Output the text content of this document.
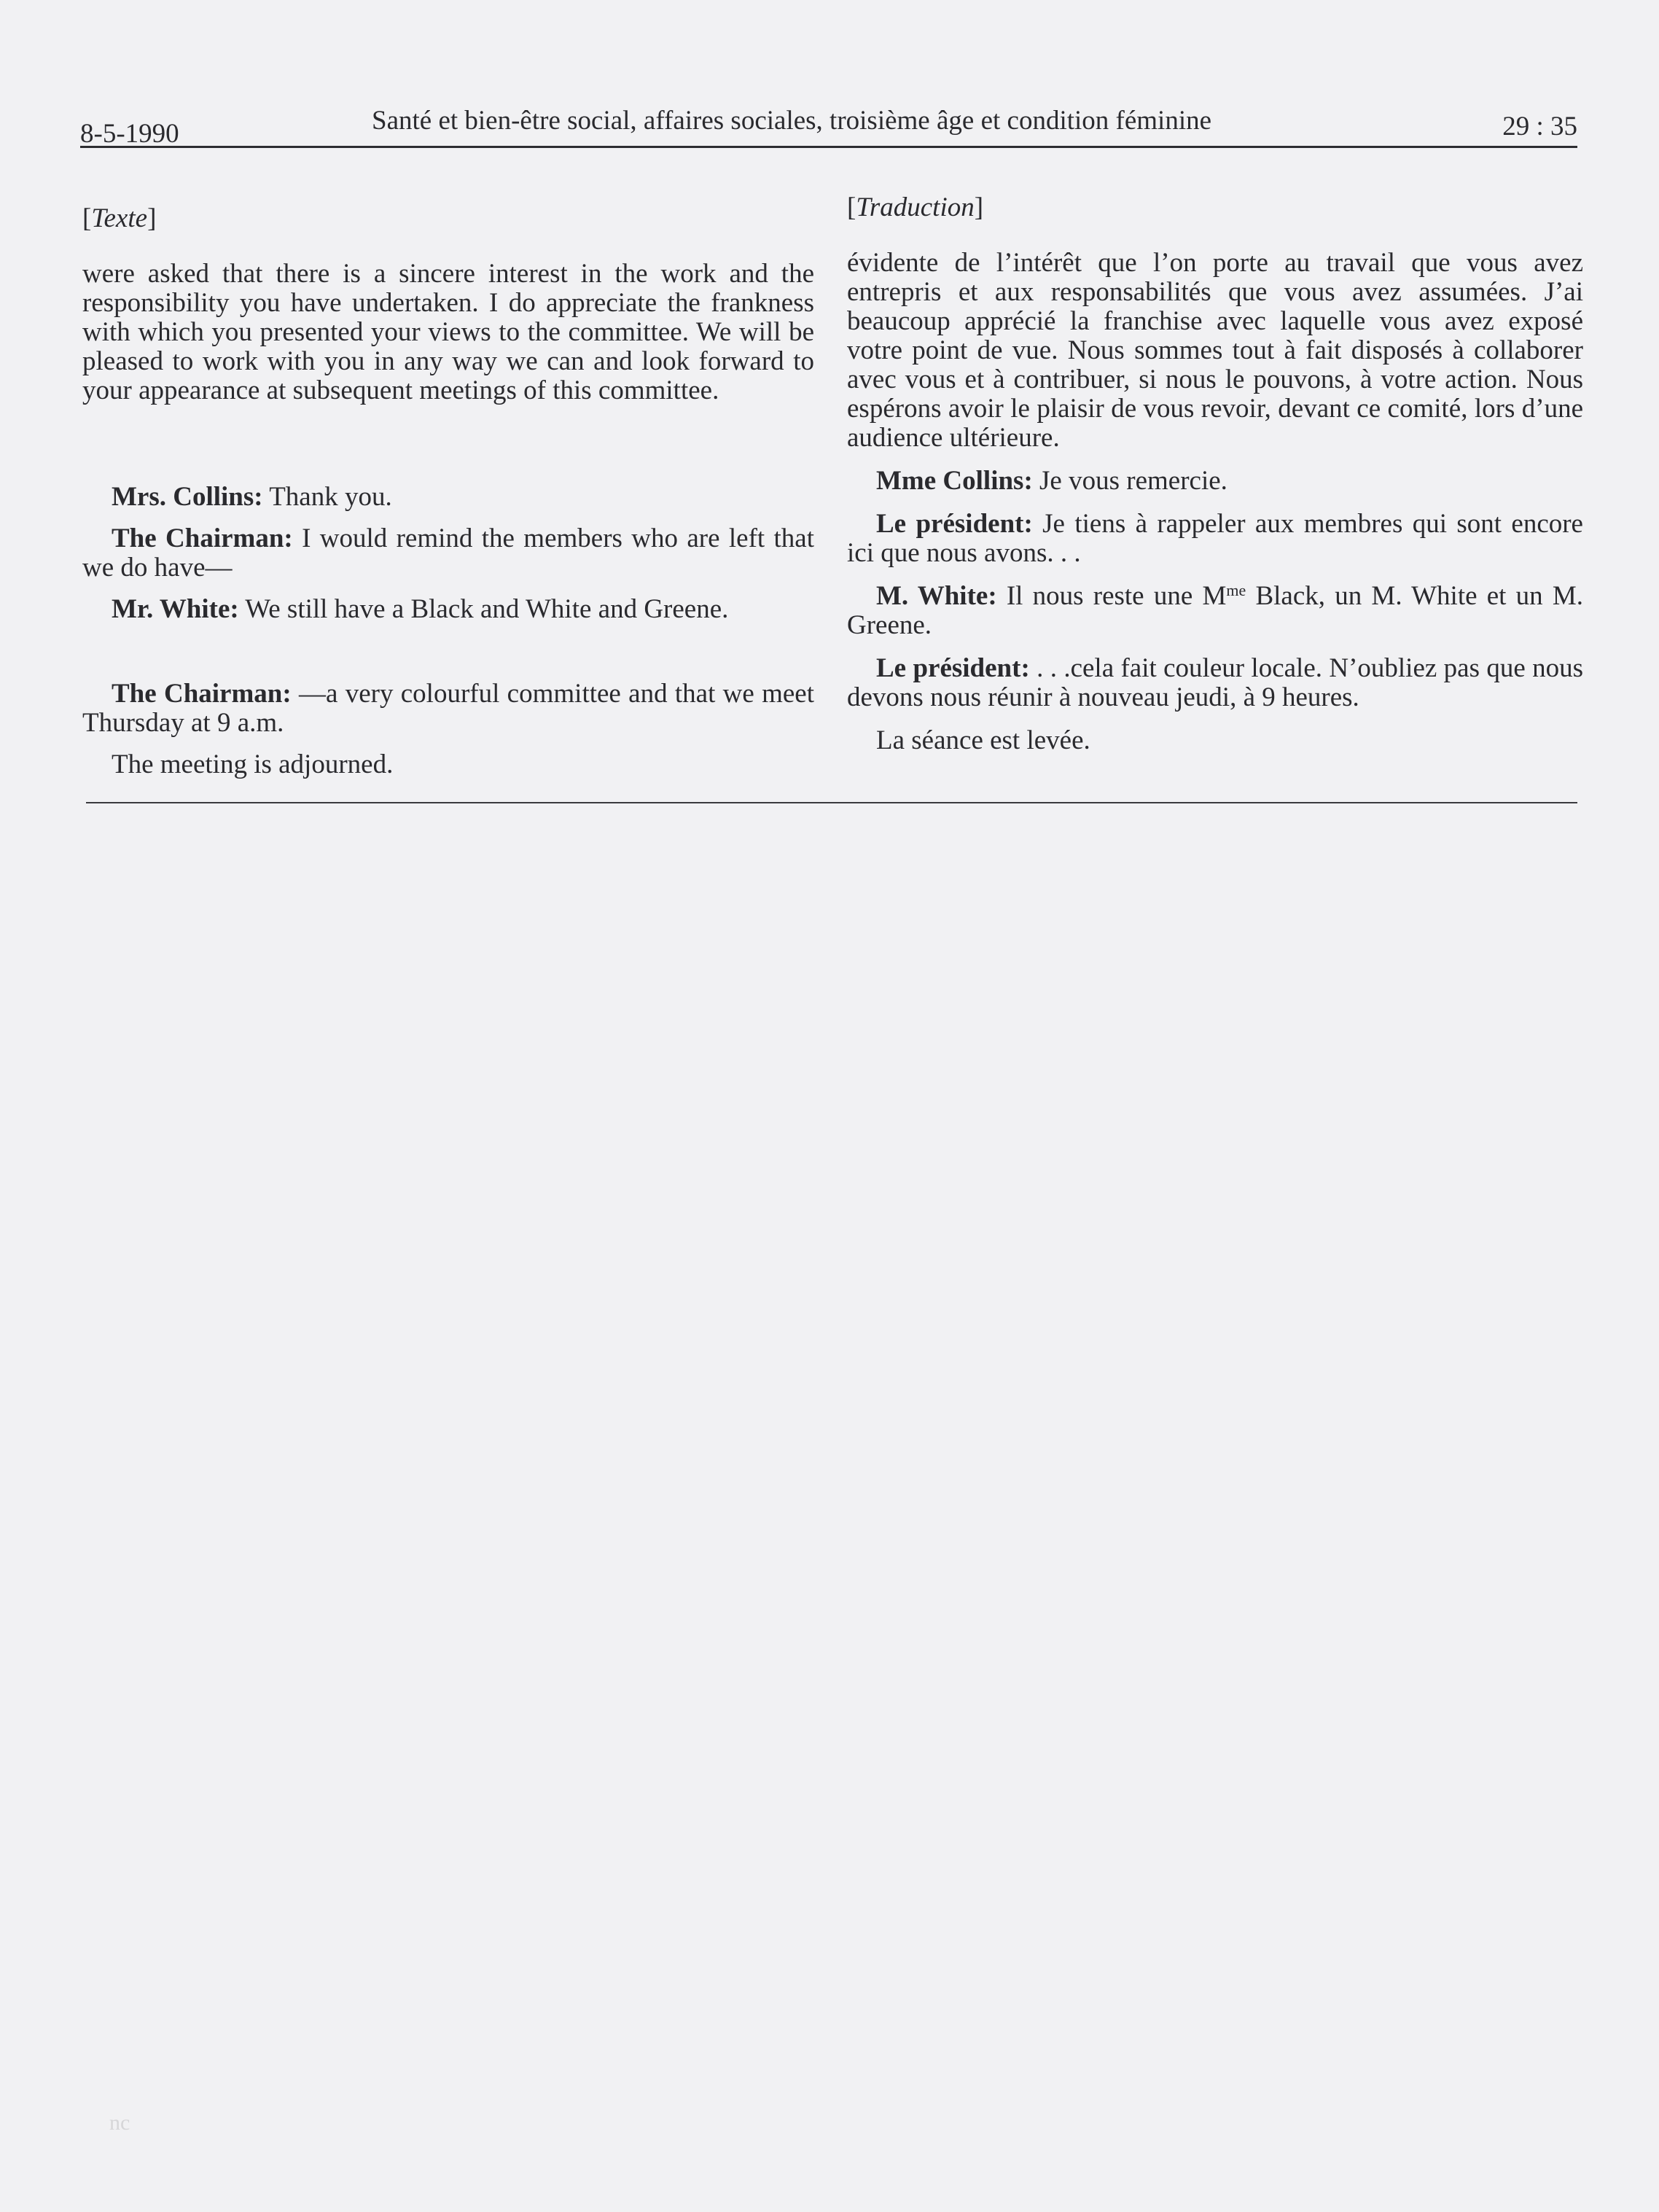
8-5-1990	Santé et bien-être social, affaires sociales, troisième âge et condition féminine	29 : 35
[Texte]

were asked that there is a sincere interest in the work and the responsibility you have undertaken. I do appreciate the frankness with which you presented your views to the committee. We will be pleased to work with you in any way we can and look forward to your appearance at subsequent meetings of this committee.

Mrs. Collins: Thank you.

The Chairman: I would remind the members who are left that we do have—

Mr. White: We still have a Black and White and Greene.

The Chairman: —a very colourful committee and that we meet Thursday at 9 a.m.

The meeting is adjourned.

[Traduction]

évidente de l’intérêt que l’on porte au travail que vous avez entrepris et aux responsabilités que vous avez assumées. J’ai beaucoup apprécié la franchise avec laquelle vous avez exposé votre point de vue. Nous sommes tout à fait disposés à collaborer avec vous et à contribuer, si nous le pouvons, à votre action. Nous espérons avoir le plaisir de vous revoir, devant ce comité, lors d’une audience ultérieure.

Mme Collins: Je vous remercie.

Le président: Je tiens à rappeler aux membres qui sont encore ici que nous avons. . .

M. White: Il nous reste une $M^{me}$ Black, un M. White et un M. Greene.

Le président: . . .cela fait couleur locale. N’oubliez pas que nous devons nous réunir à nouveau jeudi, à 9 heures.

La séance est levée.

nc
